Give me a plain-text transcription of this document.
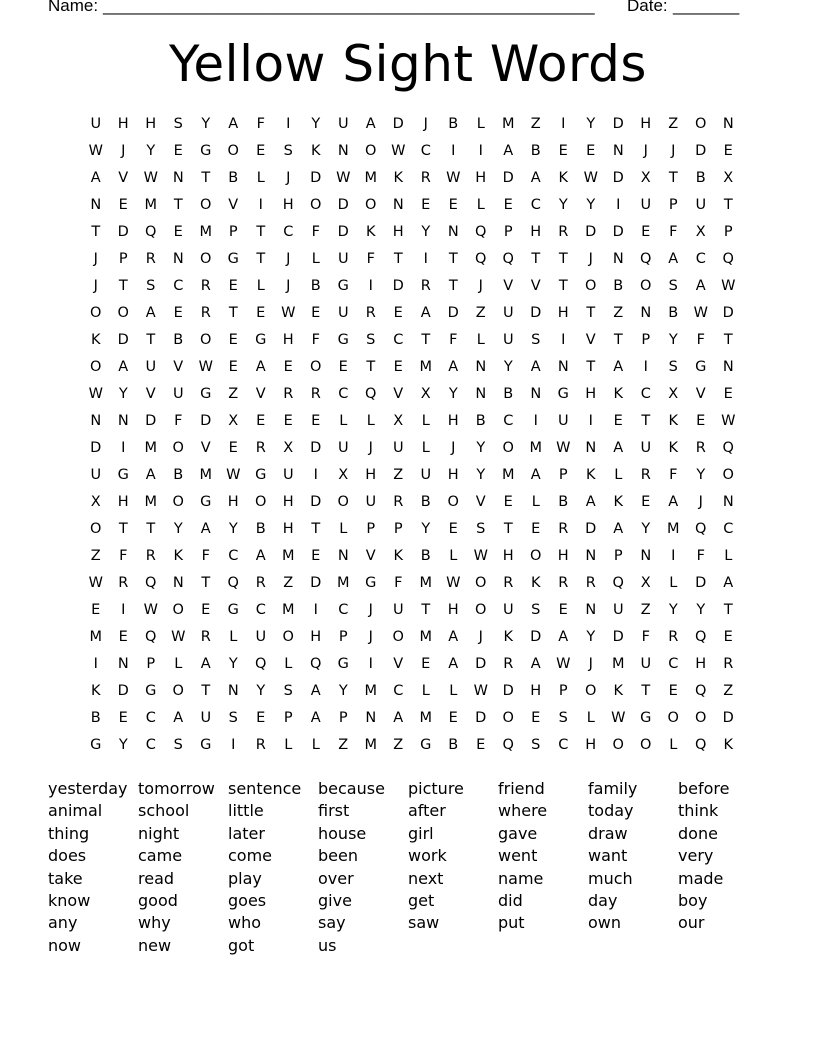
Name: ____________________________________________________ Date: _______
Yellow Sight Words
U	H	H	S	Y	A	F	I	Y	U	A	D	J	B	L	M	Z	I	Y	D	H	Z	O	N
W	J	Y	E	G	O	E	S	K	N	O	W	C	I	I	A	B	E	E	N	J	J	D	E
A	V	W	N	T	B	L	J	D	W M	K	R	W	H	D	A	K	W	D	X	T	B	X
N	E	M	T	O	V	I	H	O	D	O	N	E	E	L	E	C	Y	Y	I	U	P	U	T
T	D	Q	E	M	P	T	C	F	D	K	H	Y	N	Q	P	H	R	D	D	E	F	X	P
J	P	R	N	O	G	T	J	L	U	F	T	I	T	Q	Q	T	T	J	N	Q	A	C	Q
J	T	S	C	R	E	L	J	B	G	I	D	R	T	J	V	V	T	O	B	O	S	A	W
O	O	A	E	R	T	E	W	E	U	R	E	A	D	Z	U	D	H	T	Z	N	B	W	D
K	D	T	B	O	E	G	H	F	G	S	C	T	F	L	U	S	I	V	T	P	Y	F	T
O	A	U	V	W	E	A	E	O	E	T	E	M	A	N	Y	A	N	T	A	I	S	G	N
W	Y	V	U	G	Z	V	R	R	C	Q	V	X	Y	N	B	N	G	H	K	C	X	V	E
N	N	D	F	D	X	E	E	E	L	L	X	L	H	B	C	I	U	I	E	T	K	E	W
D	I	M	O	V	E	R	X	D	U	J	U	L	J	Y	O	M W	N	A	U	K	R	Q
U	G	A	B	M W	G	U	I	X	H	Z	U	H	Y	M	A	P	K	L	R	F	Y	O
X	H	M	O	G	H	O	H	D	O	U	R	B	O	V	E	L	B	A	K	E	A	J	N
O	T	T	Y	A	Y	B	H	T	L	P	P	Y	E	S	T	E	R	D	A	Y	M	Q	C
Z	F	R	K	F	C	A	M	E	N	V	K	B	L	W	H	O	H	N	P	N	I	F	L
W	R	Q	N	T	Q	R	Z	D	M	G	F	M W	O	R	K	R	R	Q	X	L	D	A
E	I	W	O	E	G	C	M	I	C	J	U	T	H	O	U	S	E	N	U	Z	Y	Y	T
M	E	Q	W	R	L	U	O	H	P	J	O	M	A	J	K	D	A	Y	D	F	R	Q	E
I	N	P	L	A	Y	Q	L	Q	G	I	V	E	A	D	R	A	W	J	M	U	C	H	R
K	D	G	O	T	N	Y	S	A	Y	M	C	L	L	W	D	H	P	O	K	T	E	Q	Z
B	E	C	A	U	S	E	P	A	P	N	A	M	E	D	O	E	S	L	W	G	O	O	D
G	Y	C	S	G	I	R	L	L	Z	M	Z	G	B	E	Q	S	C	H	O	O	L	Q	K
yesterday tomorrow sentence	because	picture	friend	family	before
animal	school	little	first	after	where	today	think
thing	night	later	house	girl	gave	draw	done
does	came	come	been	work	went	want	very
take	read	play	over	next	name	much	made
know	good	goes	give	get	did	day	boy
any	why	who	say	saw	put	own	our
now	new	got	us
